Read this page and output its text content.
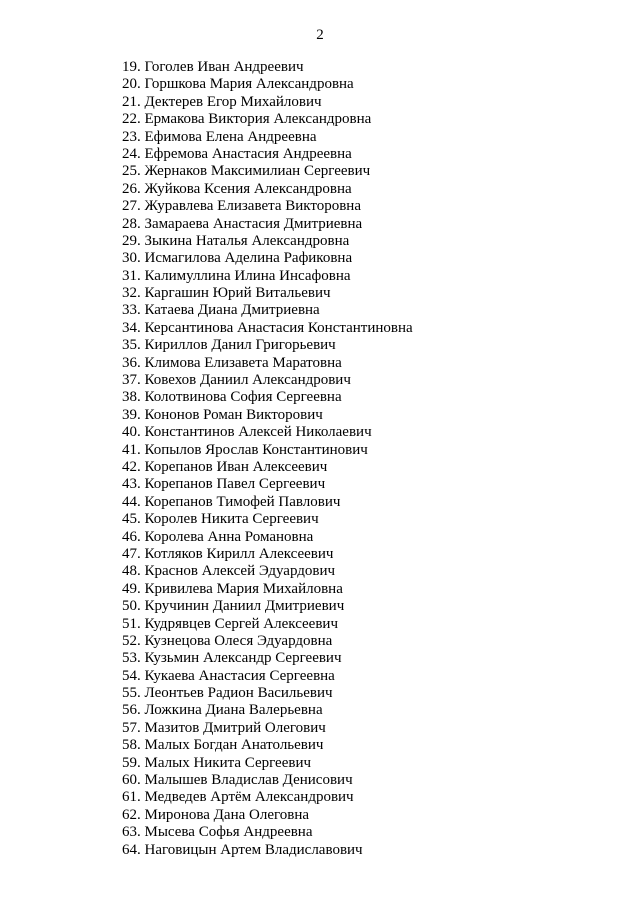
2
19. Гоголев Иван Андреевич
20. Горшкова Мария Александровна
21. Дектерев Егор Михайлович
22. Ермакова Виктория Александровна
23. Ефимова Елена Андреевна
24. Ефремова Анастасия Андреевна
25. Жернаков Максимилиан Сергеевич
26. Жуйкова Ксения Александровна
27. Журавлева Елизавета Викторовна
28. Замараева Анастасия Дмитриевна
29. Зыкина Наталья Александровна
30. Исмагилова Аделина Рафиковна
31. Калимуллина Илина Инсафовна
32. Каргашин Юрий Витальевич
33. Катаева Диана Дмитриевна
34. Керсантинова Анастасия Константиновна
35. Кириллов Данил Григорьевич
36. Климова Елизавета Маратовна
37. Ковехов Даниил Александрович
38. Колотвинова София Сергеевна
39. Кононов Роман Викторович
40. Константинов Алексей Николаевич
41. Копылов Ярослав Константинович
42. Корепанов Иван Алексеевич
43. Корепанов Павел Сергеевич
44. Корепанов Тимофей Павлович
45. Королев Никита Сергеевич
46. Королева Анна Романовна
47. Котляков Кирилл Алексеевич
48. Краснов Алексей Эдуардович
49. Кривилева Мария Михайловна
50. Кручинин Даниил Дмитриевич
51. Кудрявцев Сергей Алексеевич
52. Кузнецова Олеся Эдуардовна
53. Кузьмин Александр Сергеевич
54. Кукаева Анастасия Сергеевна
55. Леонтьев Радион Васильевич
56. Ложкина Диана Валерьевна
57. Мазитов Дмитрий Олегович
58. Малых Богдан Анатольевич
59. Малых Никита Сергеевич
60. Малышев Владислав Денисович
61. Медведев Артём Александрович
62. Миронова Дана Олеговна
63. Мысева Софья Андреевна
64. Наговицын Артем Владиславович
